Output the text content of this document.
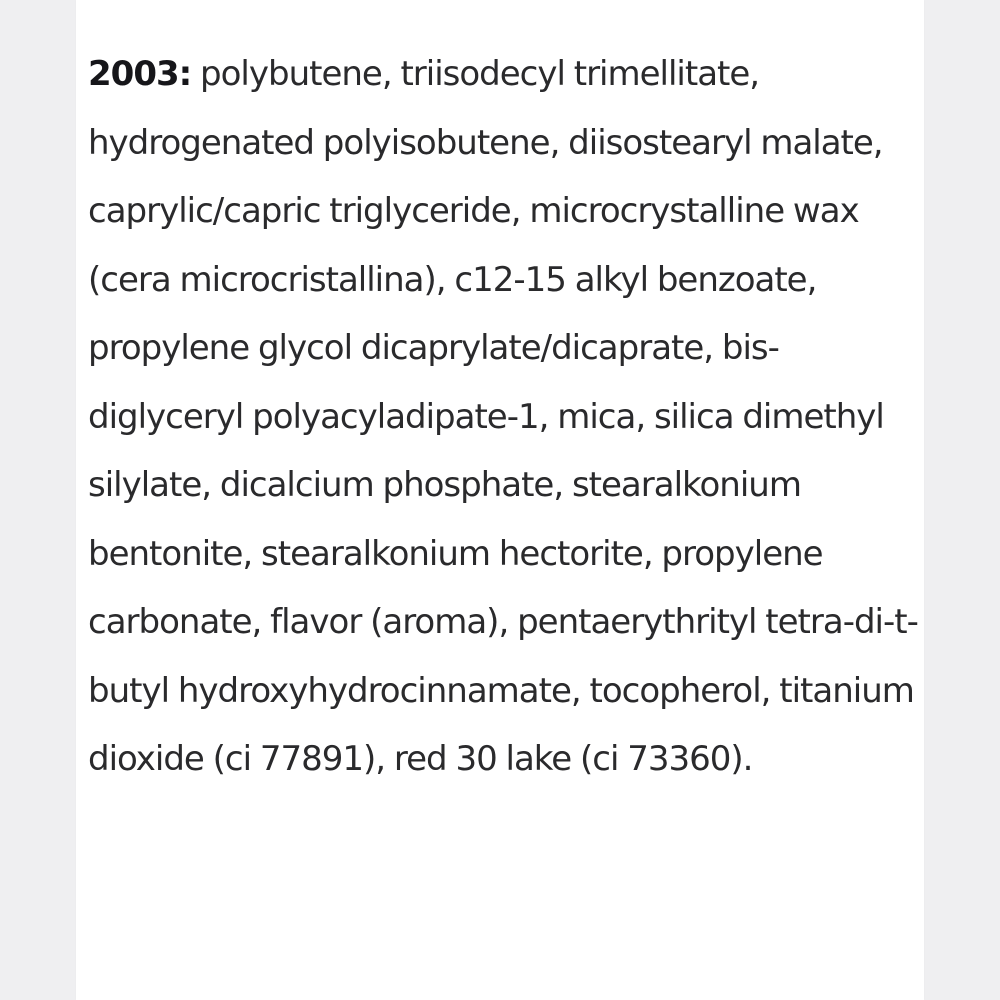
2003: polybutene, triisodecyl trimellitate, hydrogenated polyisobutene, diisostearyl malate, caprylic/capric triglyceride, microcrystalline wax (cera microcristallina), c12-15 alkyl benzoate, propylene glycol dicaprylate/dicaprate, bis-diglyceryl polyacyladipate-1, mica, silica dimethyl silylate, dicalcium phosphate, stearalkonium bentonite, stearalkonium hectorite, propylene carbonate, flavor (aroma), pentaerythrityl tetra-di-t-butyl hydroxyhydrocinnamate, tocopherol, titanium dioxide (ci 77891), red 30 lake (ci 73360).
